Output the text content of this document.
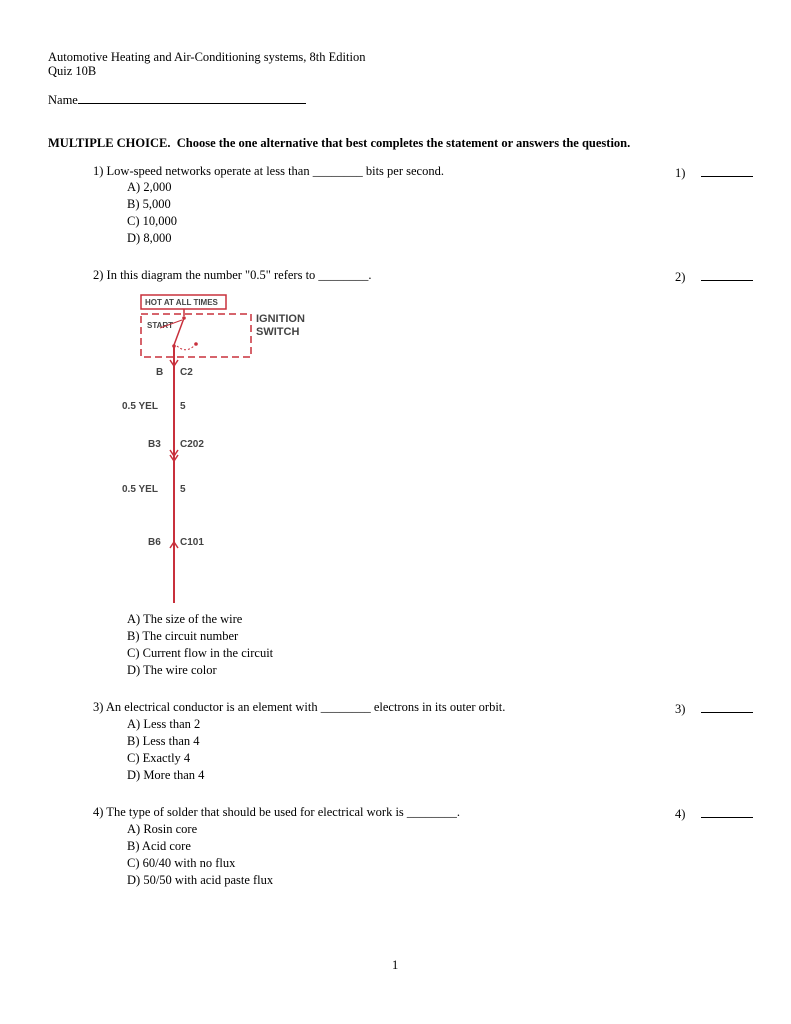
Automotive Heating and Air-Conditioning systems, 8th Edition
Quiz 10B
Name
MULTIPLE CHOICE. Choose the one alternative that best completes the statement or answers the question.
1) Low-speed networks operate at less than ________ bits per second.	1)
A) 2,000
B) 5,000
C) 10,000
D) 8,000
2) In this diagram the number "0.5" refers to ________.	2)
HOT AT ALL TIMES
START
IGNITION
SWITCH
B C2
0.5 YEL 5
B3 C202
0.5 YEL 5
B6 C101
A) The size of the wire
B) The circuit number
C) Current flow in the circuit
D) The wire color
3) An electrical conductor is an element with ________ electrons in its outer orbit.	3)
A) Less than 2
B) Less than 4
C) Exactly 4
D) More than 4
4) The type of solder that should be used for electrical work is ________.	4)
A) Rosin core
B) Acid core
C) 60/40 with no flux
D) 50/50 with acid paste flux
1
